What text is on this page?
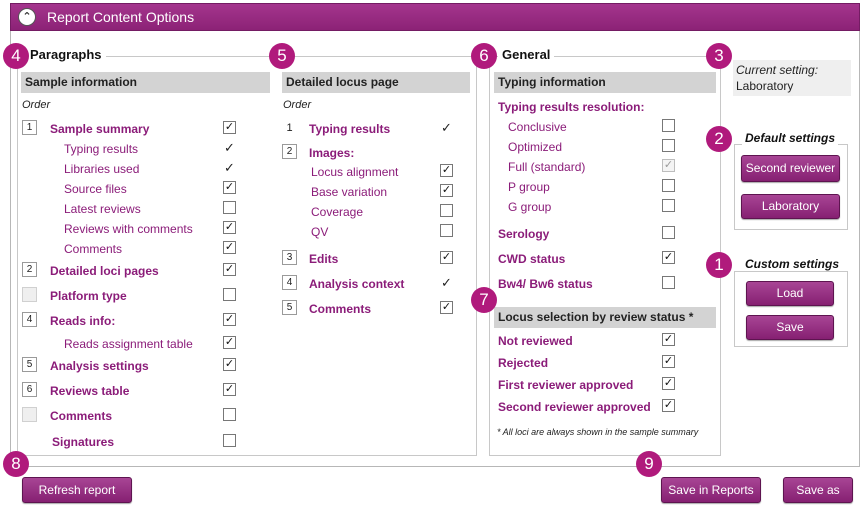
⌃	Report Content Options
Paragraphs
Sample information
Order
Detailed locus page
Order
General
Typing information
Typing results resolution:
Locus selection by review status *
* All loci are always shown in the sample summary
Current setting:
Laboratory
Default settings
Second reviewer
Laboratory
Custom settings
Load
Save
Refresh report	Save in Reports	Save as
1
2
3
4	5	6
7
8	9
1	Sample summary	✓
Typing results	✓
Libraries used	✓
Source files	✓
Latest reviews
Reviews with comments	✓
Comments	✓
2	Detailed loci pages	✓
Platform type
4	Reads info:	✓
Reads assignment table	✓
5	Analysis settings	✓
6	Reviews table	✓
Comments
Signatures
1	Typing results	✓
2	Images:
Locus alignment	✓
Base variation	✓
Coverage
QV
3	Edits	✓
4	Analysis context	✓
5	Comments	✓
Conclusive
Optimized
Full (standard)	✓
P group
G group
Serology
CWD status	✓
Bw4/ Bw6 status
Not reviewed	✓
Rejected	✓
First reviewer approved	✓
Second reviewer approved ✓
